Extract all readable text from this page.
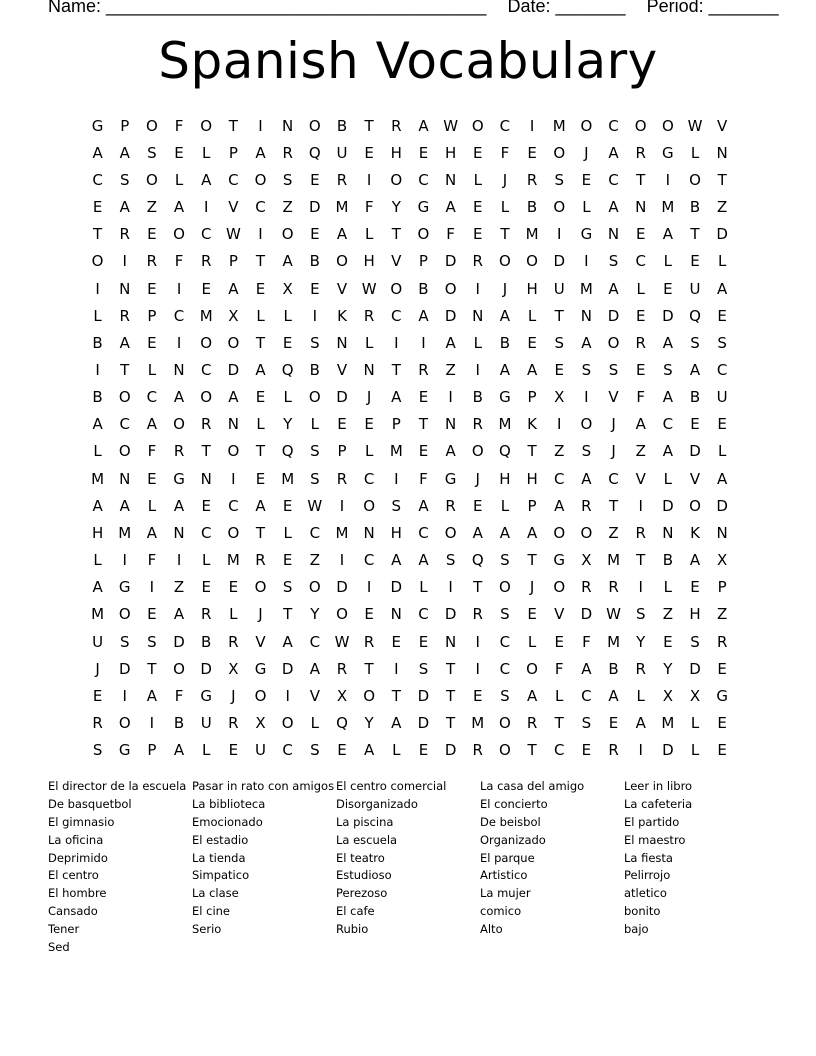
Name: ______________________________________ Date: _______ Period: _______
Spanish Vocabulary
G	P	O	F	O	T	I	N	O	B	T	R	A W O	C	I	M O	C	O	O W V
A	A	S	E	L	P	A	R	Q	U	E	H	E	H	E	F	E	O	J	A	R	G	L	N
C	S	O	L	A	C	O	S	E	R	I	O	C	N	L	J	R	S	E	C	T	I	O	T
E	A	Z	A	I	V	C	Z	D M	F	Y	G	A	E	L	B	O	L	A	N	M	B	Z
T	R	E	O	C W	I	O	E	A	L	T	O	F	E	T	M	I	G	N	E	A	T	D
O	I	R	F	R	P	T	A	B	O	H	V	P	D	R	O	O	D	I	S	C	L	E	L
I	N	E	I	E	A	E	X	E	V W O	B	O	I	J	H	U	M	A	L	E	U	A
L	R	P	C	M	X	L	L	I	K	R	C	A	D	N	A	L	T	N	D	E	D	Q	E
B	A	E	I	O	O	T	E	S	N	L	I	I	A	L	B	E	S	A	O	R	A	S	S
I	T	L	N	C	D	A	Q	B	V	N	T	R	Z	I	A	A	E	S	S	E	S	A	C
B	O	C	A	O	A	E	L	O	D	J	A	E	I	B	G	P	X	I	V	F	A	B	U
A	C	A	O	R	N	L	Y	L	E	E	P	T	N	R	M	K	I	O	J	A	C	E	E
L	O	F	R	T	O	T	Q	S	P	L	M	E	A	O	Q	T	Z	S	J	Z	A	D	L
M	N	E	G	N	I	E	M	S	R	C	I	F	G	J	H	H	C	A	C	V	L	V	A
A	A	L	A	E	C	A	E	W	I	O	S	A	R	E	L	P	A	R	T	I	D	O	D
H	M	A	N	C	O	T	L	C	M	N	H	C	O	A	A	A	O	O	Z	R	N	K	N
L	I	F	I	L	M	R	E	Z	I	C	A	A	S	Q	S	T	G	X	M	T	B	A	X
A	G	I	Z	E	E	O	S	O	D	I	D	L	I	T	O	J	O	R	R	I	L	E	P
M O	E	A	R	L	J	T	Y	O	E	N	C	D	R	S	E	V	D W S	Z	H	Z
U	S	S	D	B	R	V	A	C W R	E	E	N	I	C	L	E	F	M	Y	E	S	R
J	D	T	O	D	X	G	D	A	R	T	I	S	T	I	C	O	F	A	B	R	Y	D	E
E	I	A	F	G	J	O	I	V	X	O	T	D	T	E	S	A	L	C	A	L	X	X	G
R	O	I	B	U	R	X	O	L	Q	Y	A	D	T	M O	R	T	S	E	A	M	L	E
S	G	P	A	L	E	U	C	S	E	A	L	E	D	R	O	T	C	E	R	I	D	L	E
El director de la escuela
De basquetbol
El gimnasio
La oficina
Deprimido
El centro
El hombre
Cansado
Tener
Sed
Pasar in rato con amigos
La biblioteca
Emocionado
El estadio
La tienda
Simpatico
La clase
El cine
Serio
El centro comercial
Disorganizado
La piscina
La escuela
El teatro
Estudioso
Perezoso
El cafe
Rubio
La casa del amigo
El concierto
De beisbol
Organizado
El parque
Artistico
La mujer
comico
Alto
Leer in libro
La cafeteria
El partido
El maestro
La fiesta
Pelirrojo
atletico
bonito
bajo
